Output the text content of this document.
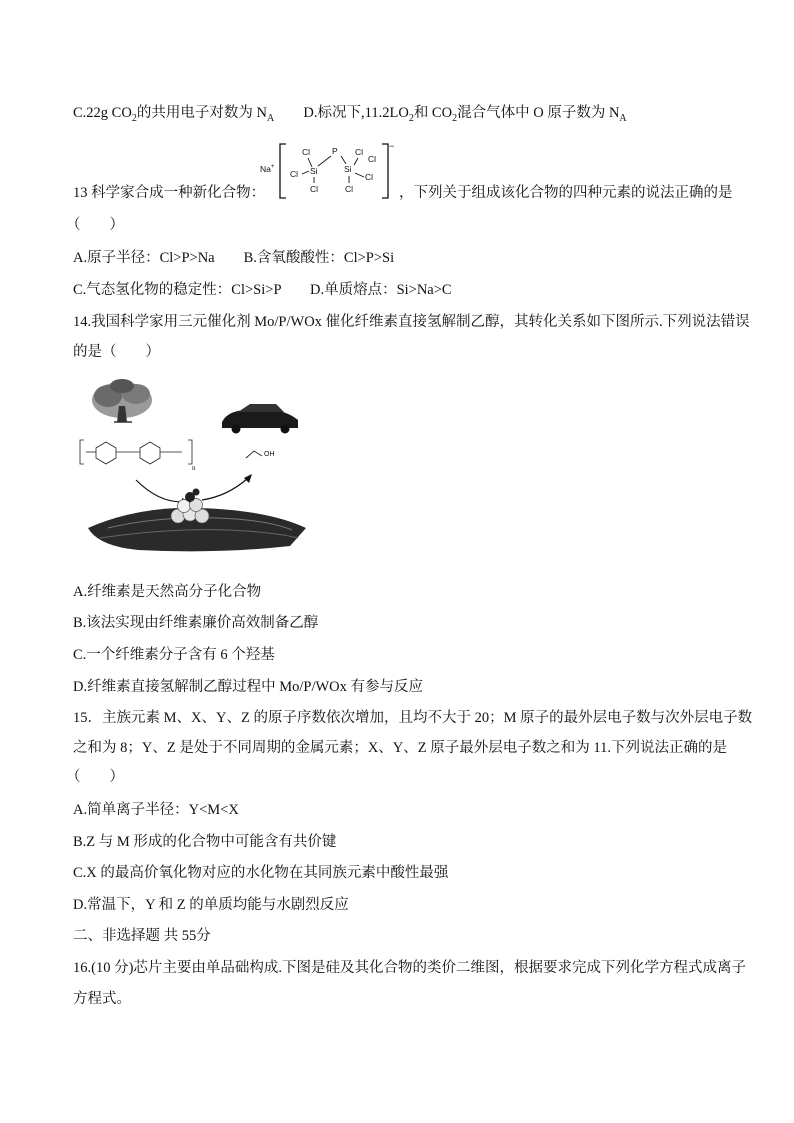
C.22g $CO_2$的共用电子对数为 $N_A$ D.标况下$,11.2LO_2$和 $CO_2$混合气体中 O 原子数为 $N_A$
13 科学家合成一种新化合物：
Na+
Cl
Cl Si
Cl
Cl
P
Cl
Si
Cl
Cl
−
，下列关于组成该化合物的四种元素的说法正确的是
（　　）
A.原子半径：Cl>P>Na　　B.含氧酸酸性：Cl>P>Si
C.气态氢化物的稳定性：Cl>Si>P　　D.单质熔点：Si>Na>C
14.我国科学家用三元催化剂 Mo/P/WOx 催化纤维素直接氢解制乙醇，其转化关系如下图所示.下列说法错误
的是（　　）
n
OH
A.纤维素是天然高分子化合物
B.该法实现由纤维素廉价高效制备乙醇
C.一个纤维素分子含有 6 个羟基
D.纤维素直接氢解制乙醇过程中 Mo/P/WOx 有参与反应
15．主族元素 M、X、Y、Z 的原子序数依次增加，且均不大于 20；M 原子的最外层电子数与次外层电子数
之和为 8；Y、Z 是处于不同周期的金属元素；X、Y、Z 原子最外层电子数之和为 11.下列说法正确的是
（　　）
A.简单离子半径：Y<M<X
B.Z 与 M 形成的化合物中可能含有共价键
C.X 的最高价氧化物对应的水化物在其同族元素中酸性最强
D.常温下，Y 和 Z 的单质均能与水剧烈反应
二、非选择题 共 55分
16.(10 分)芯片主要由单品础构成.下图是硅及其化合物的类价二维图，根据要求完成下列化学方程式成离子
方程式。
